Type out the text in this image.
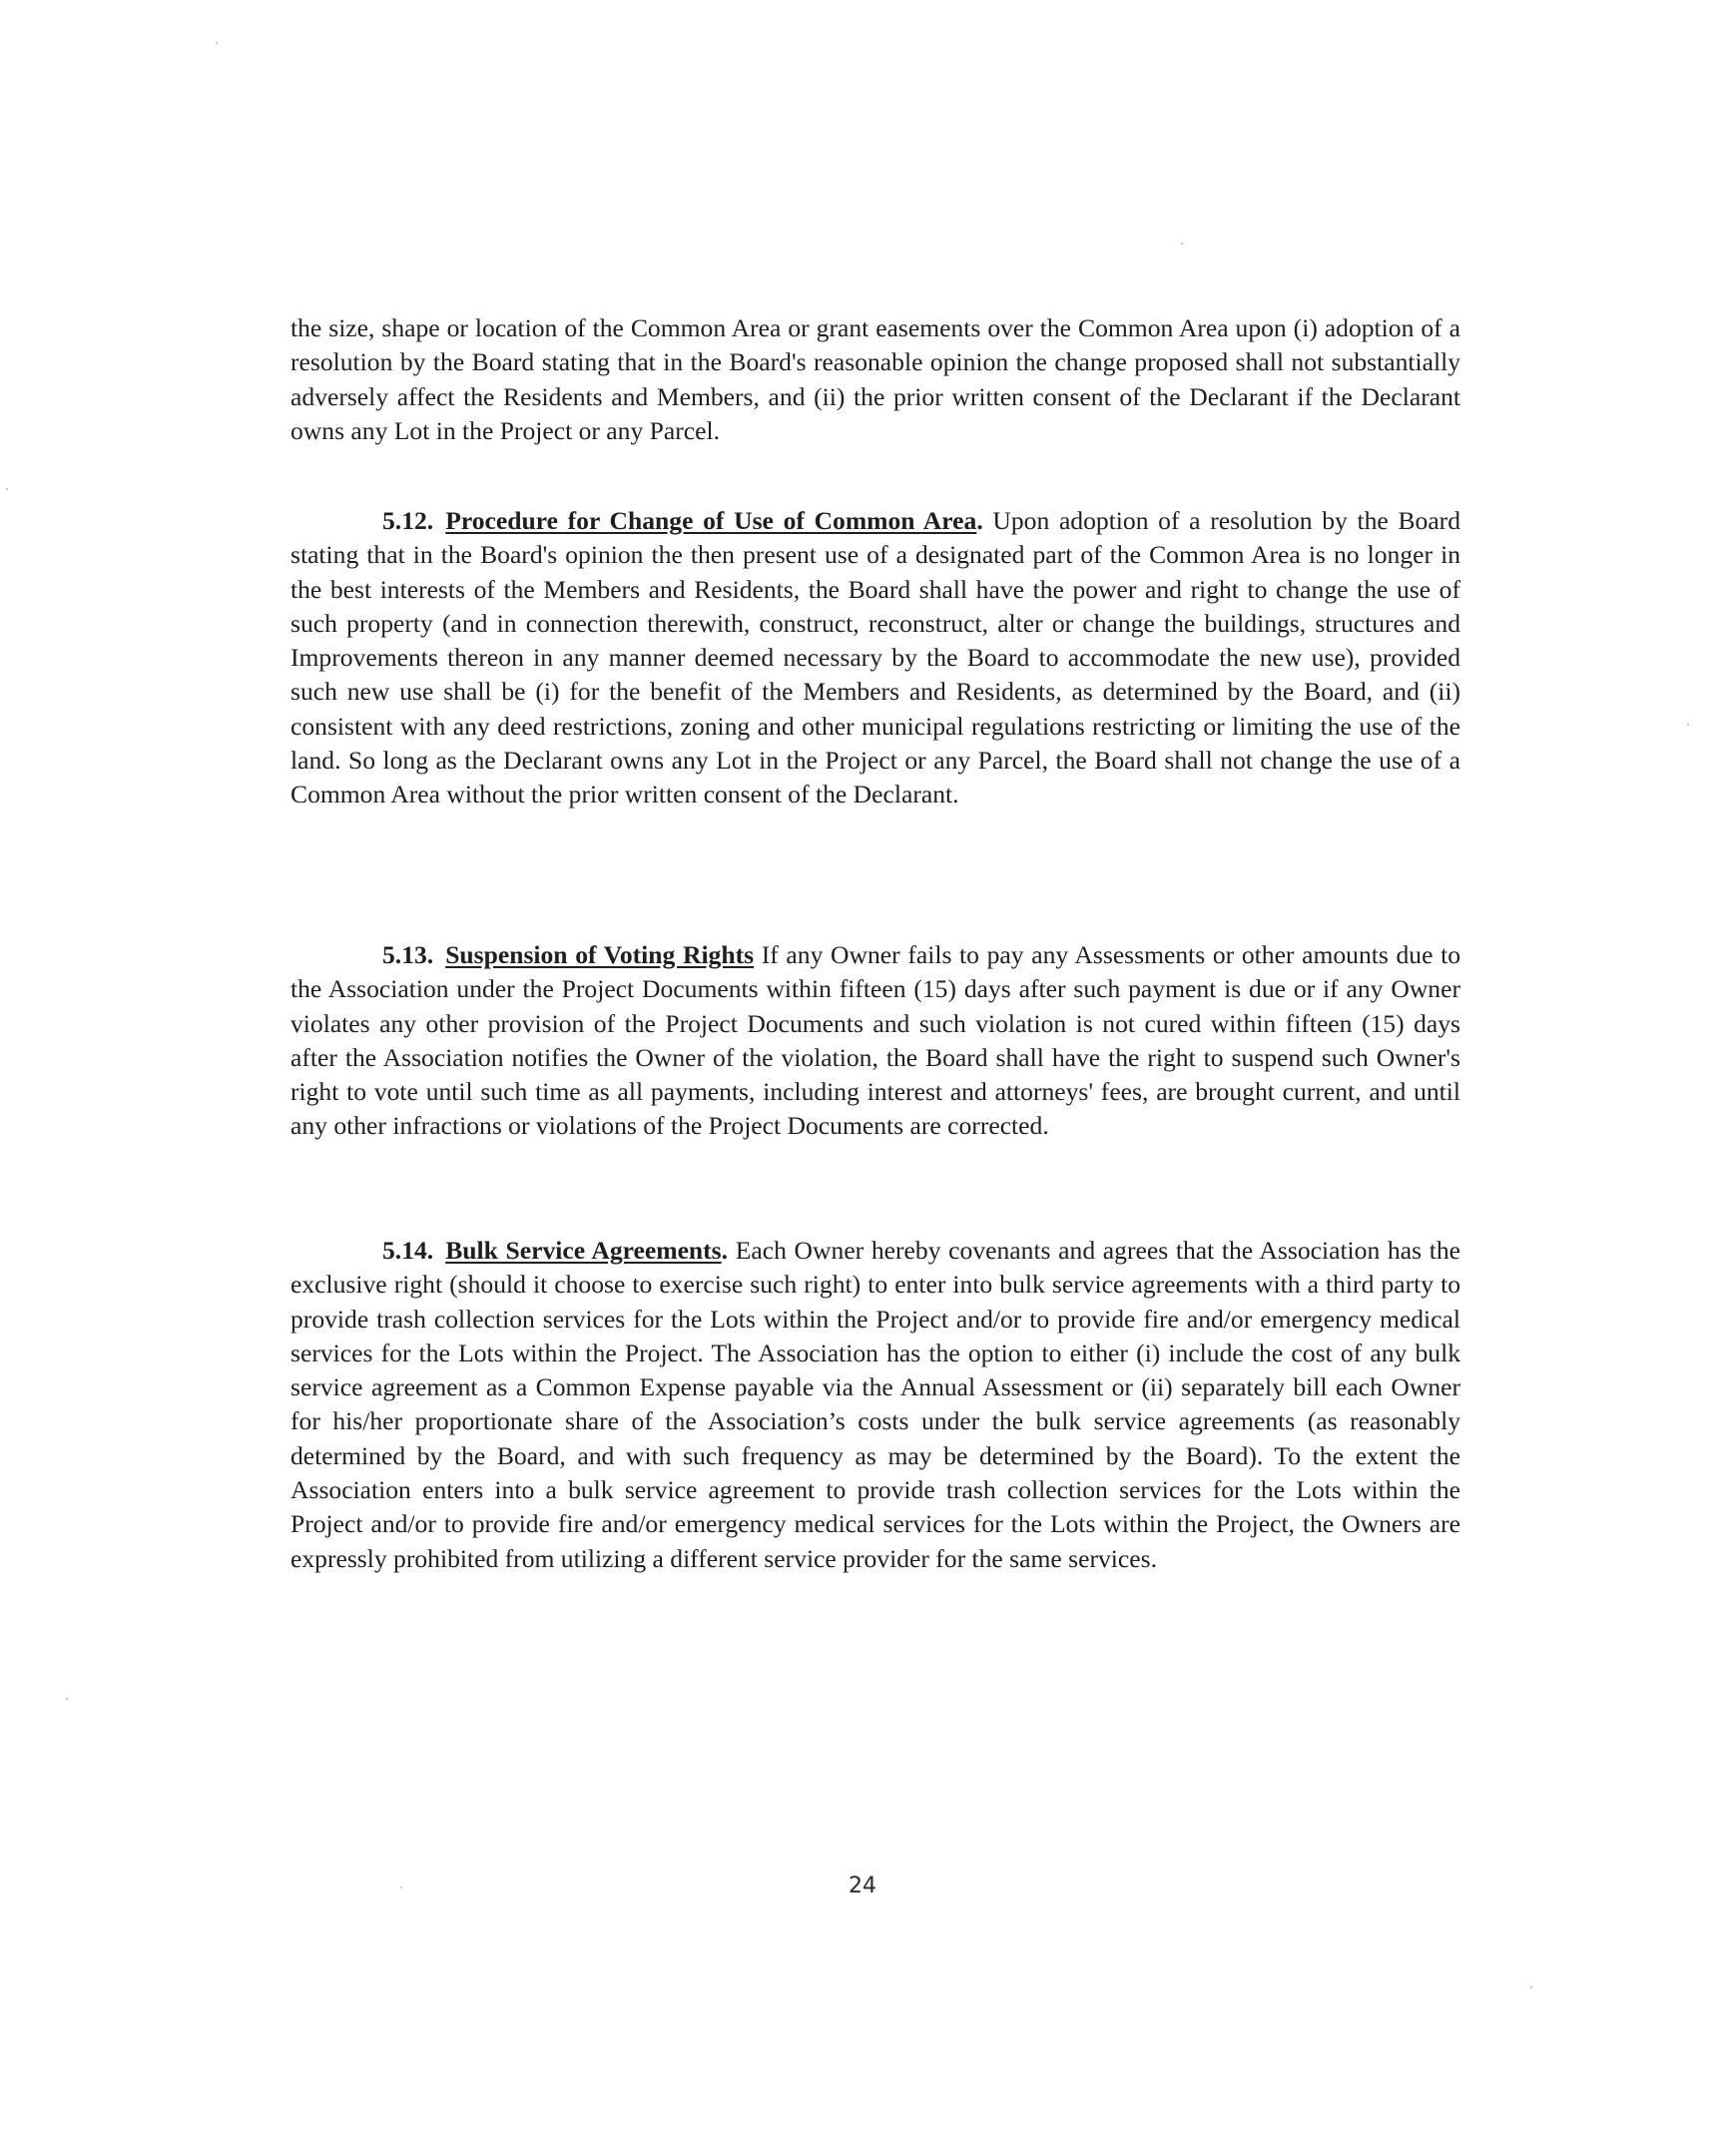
the size, shape or location of the Common Area or grant easements over the Common Area upon (i) adoption of a resolution by the Board stating that in the Board's reasonable opinion the change proposed shall not substantially adversely affect the Residents and Members, and (ii) the prior written consent of the Declarant if the Declarant owns any Lot in the Project or any Parcel.

5.12. Procedure for Change of Use of Common Area. Upon adoption of a resolution by the Board stating that in the Board's opinion the then present use of a designated part of the Common Area is no longer in the best interests of the Members and Residents, the Board shall have the power and right to change the use of such property (and in connection therewith, construct, reconstruct, alter or change the buildings, structures and Improvements thereon in any manner deemed necessary by the Board to accommodate the new use), provided such new use shall be (i) for the benefit of the Members and Residents, as determined by the Board, and (ii) consistent with any deed restrictions, zoning and other municipal regulations restricting or limiting the use of the land. So long as the Declarant owns any Lot in the Project or any Parcel, the Board shall not change the use of a Common Area without the prior written consent of the Declarant.

5.13. Suspension of Voting Rights If any Owner fails to pay any Assessments or other amounts due to the Association under the Project Documents within fifteen (15) days after such payment is due or if any Owner violates any other provision of the Project Documents and such violation is not cured within fifteen (15) days after the Association notifies the Owner of the violation, the Board shall have the right to suspend such Owner's right to vote until such time as all payments, including interest and attorneys' fees, are brought current, and until any other infractions or violations of the Project Documents are corrected.

5.14. Bulk Service Agreements. Each Owner hereby covenants and agrees that the Association has the exclusive right (should it choose to exercise such right) to enter into bulk service agreements with a third party to provide trash collection services for the Lots within the Project and/or to provide fire and/or emergency medical services for the Lots within the Project. The Association has the option to either (i) include the cost of any bulk service agreement as a Common Expense payable via the Annual Assessment or (ii) separately bill each Owner for his/her proportionate share of the Association’s costs under the bulk service agreements (as reasonably determined by the Board, and with such frequency as may be determined by the Board). To the extent the Association enters into a bulk service agreement to provide trash collection services for the Lots within the Project and/or to provide fire and/or emergency medical services for the Lots within the Project, the Owners are expressly prohibited from utilizing a different service provider for the same services.

24
